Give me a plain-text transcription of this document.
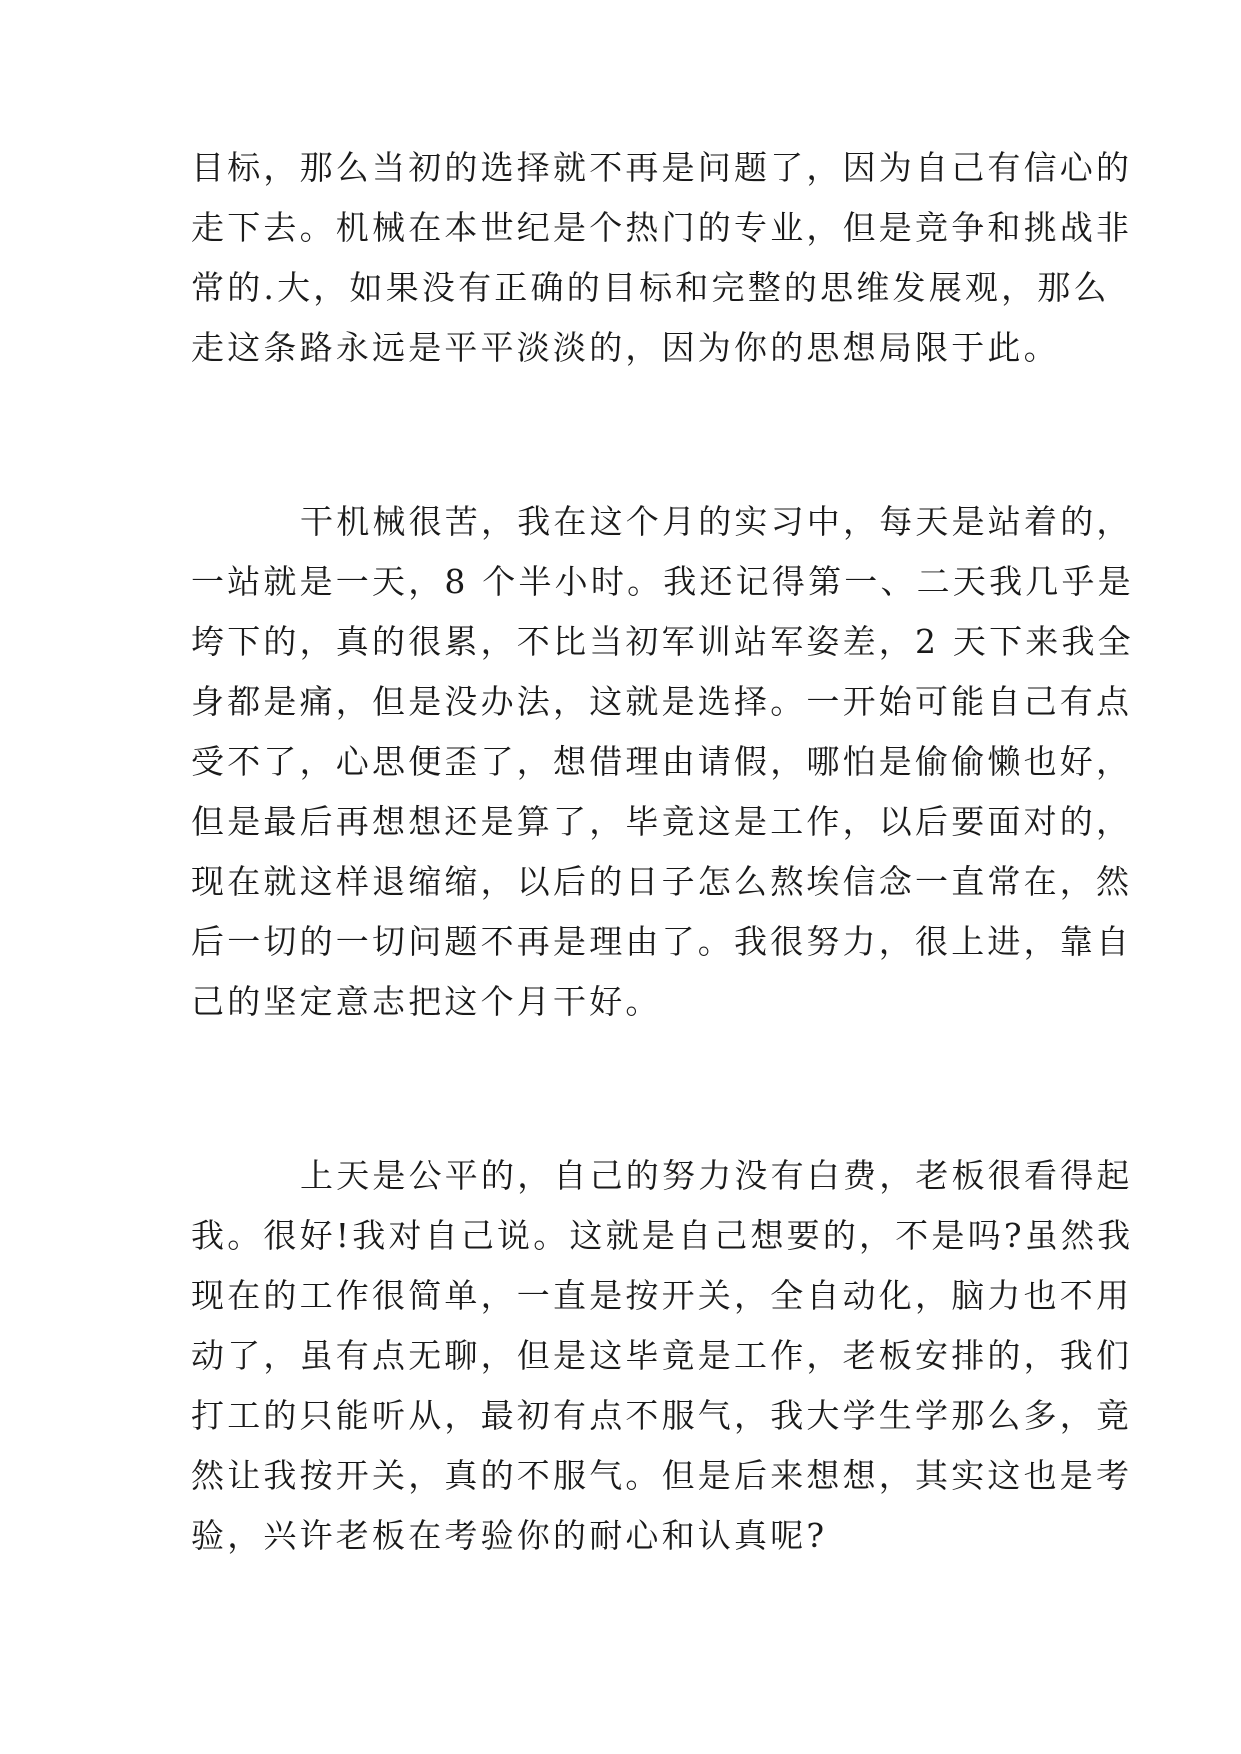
目标，那么当初的选择就不再是问题了，因为自己有信心的
走下去。机械在本世纪是个热门的专业，但是竞争和挑战非
常的.大，如果没有正确的目标和完整的思维发展观，那么
走这条路永远是平平淡淡的，因为你的思想局限于此。
干机械很苦，我在这个月的实习中，每天是站着的，
一站就是一天，8 个半小时。我还记得第一、二天我几乎是
垮下的，真的很累，不比当初军训站军姿差，2 天下来我全
身都是痛，但是没办法，这就是选择。一开始可能自己有点
受不了，心思便歪了，想借理由请假，哪怕是偷偷懒也好，
但是最后再想想还是算了，毕竟这是工作，以后要面对的，
现在就这样退缩缩，以后的日子怎么熬埃信念一直常在，然
后一切的一切问题不再是理由了。我很努力，很上进，靠自
己的坚定意志把这个月干好。
上天是公平的，自己的努力没有白费，老板很看得起
我。很好!我对自己说。这就是自己想要的，不是吗?虽然我
现在的工作很简单，一直是按开关，全自动化，脑力也不用
动了，虽有点无聊，但是这毕竟是工作，老板安排的，我们
打工的只能听从，最初有点不服气，我大学生学那么多，竟
然让我按开关，真的不服气。但是后来想想，其实这也是考
验，兴许老板在考验你的耐心和认真呢?
